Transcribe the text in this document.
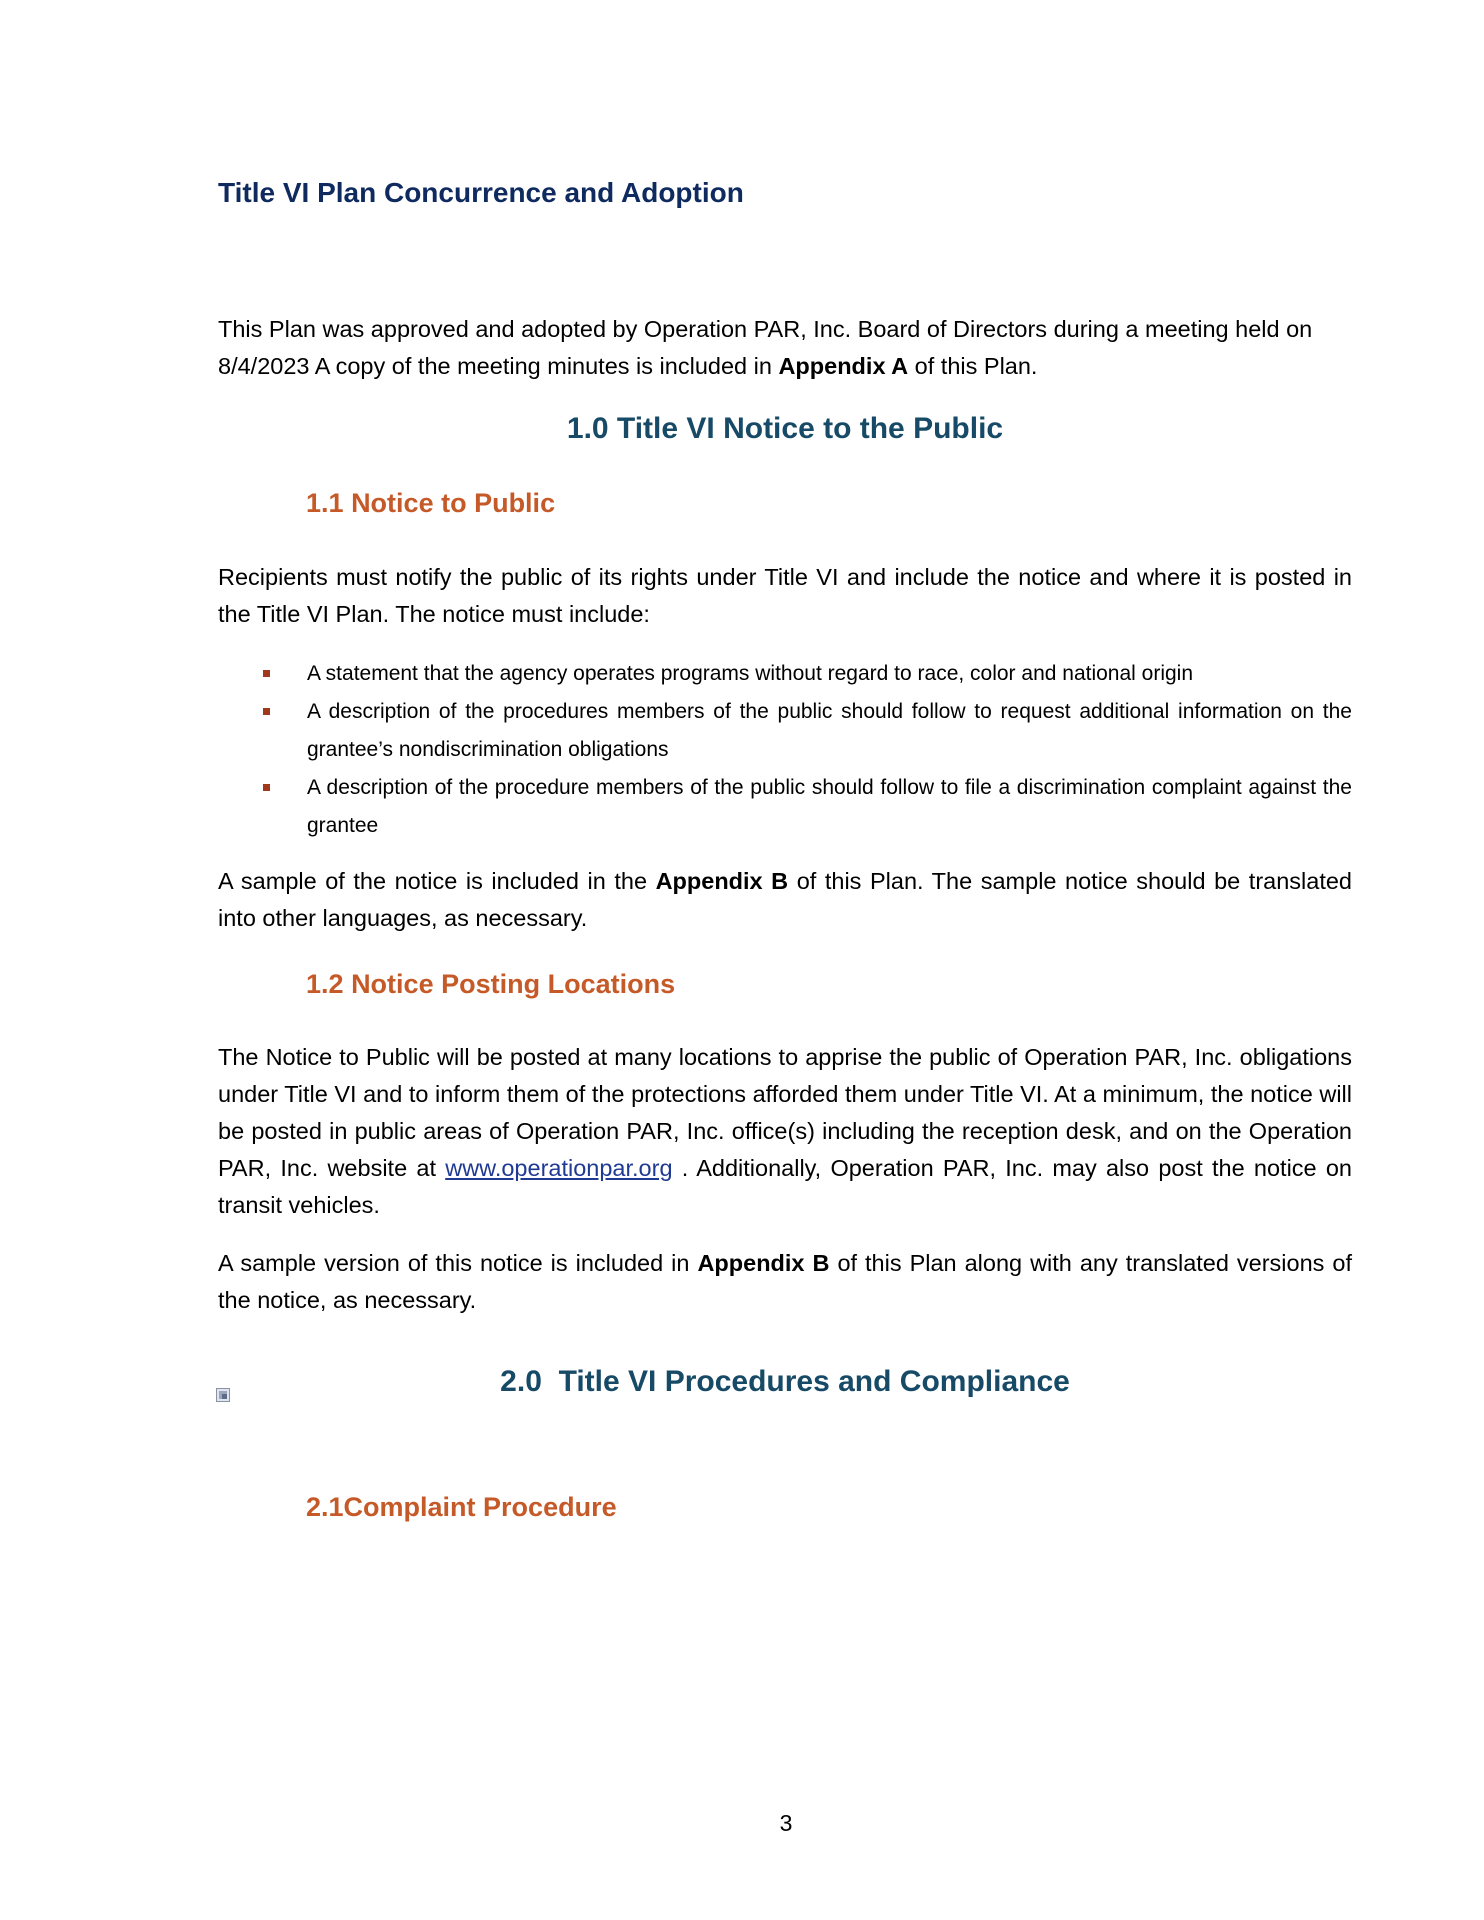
Title VI Plan Concurrence and Adoption

This Plan was approved and adopted by Operation PAR, Inc. Board of Directors during a meeting held on
8/4/2023 A copy of the meeting minutes is included in Appendix A of this Plan.

1.0 Title VI Notice to the Public
1.1 Notice to Public

Recipients must notify the public of its rights under Title VI and include the notice and where it is posted in the Title VI Plan. The notice must include:

A statement that the agency operates programs without regard to race, color and national origin
A description of the procedures members of the public should follow to request additional information on the grantee’s nondiscrimination obligations
A description of the procedure members of the public should follow to file a discrimination complaint against the grantee

A sample of the notice is included in the Appendix B of this Plan. The sample notice should be translated into other languages, as necessary.

1.2 Notice Posting Locations

The Notice to Public will be posted at many locations to apprise the public of Operation PAR, Inc. obligations under Title VI and to inform them of the protections afforded them under Title VI. At a minimum, the notice will be posted in public areas of Operation PAR, Inc. office(s) including the reception desk, and on the Operation PAR, Inc. website at www.operationpar.org . Additionally, Operation PAR, Inc. may also post the notice on transit vehicles.

A sample version of this notice is included in Appendix B of this Plan along with any translated versions of the notice, as necessary.

2.0 Title VI Procedures and Compliance
2.1Complaint Procedure
3
